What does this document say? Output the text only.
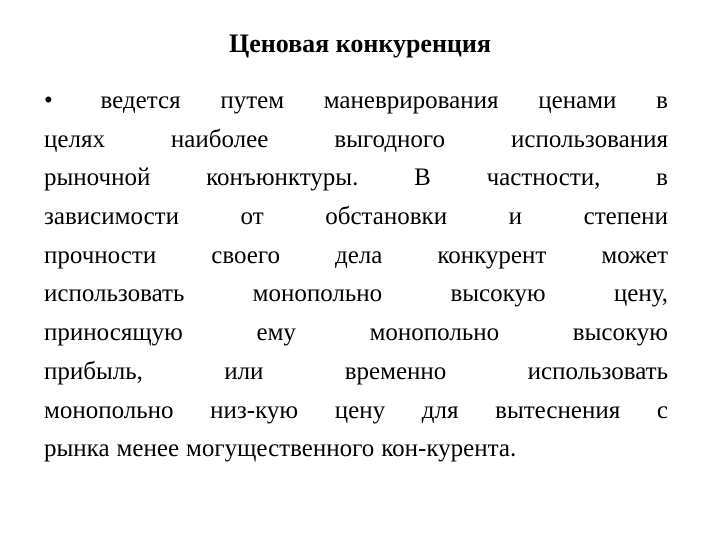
Ценовая конкуренция
• ведется путем маневрирования ценами в
целях	наиболее	выгодного	использования
рыночной конъюнктуры. В частности, в
зависимости от обстановки и степени
прочности своего дела конкурент может
использовать	монопольно	высокую	цену,
приносящую	ему	монопольно	высокую
прибыль,	или	временно	использовать
монопольно низ-кую цену для вытеснения с
рынка менее могущественного кон-курента.
